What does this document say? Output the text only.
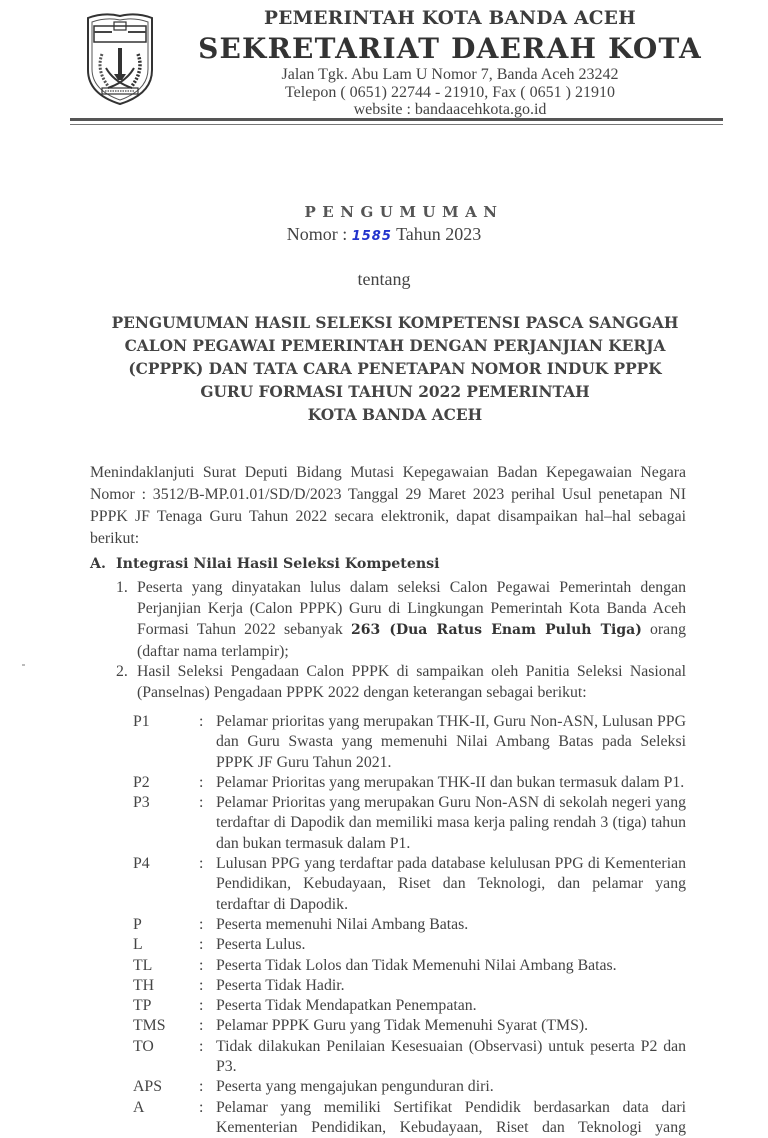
PEMERINTAH KOTA BANDA ACEH
SEKRETARIAT DAERAH KOTA
Jalan Tgk. Abu Lam U Nomor 7, Banda Aceh 23242
Telepon ( 0651) 22744 - 21910, Fax ( 0651 ) 21910
website : bandaacehkota.go.id
PENGUMUMAN
Nomor : 1585 Tahun 2023
tentang
PENGUMUMAN HASIL SELEKSI KOMPETENSI PASCA SANGGAH
CALON PEGAWAI PEMERINTAH DENGAN PERJANJIAN KERJA
(CPPPK) DAN TATA CARA PENETAPAN NOMOR INDUK PPPK
GURU FORMASI TAHUN 2022 PEMERINTAH
KOTA BANDA ACEH
Menindaklanjuti Surat Deputi Bidang Mutasi Kepegawaian Badan Kepegawaian Negara Nomor : 3512/B-MP.01.01/SD/D/2023 Tanggal 29 Maret 2023 perihal Usul penetapan NI PPPK JF Tenaga Guru Tahun 2022 secara elektronik, dapat disampaikan hal–hal sebagai berikut:
A. Integrasi Nilai Hasil Seleksi Kompetensi
1. Peserta yang dinyatakan lulus dalam seleksi Calon Pegawai Pemerintah dengan Perjanjian Kerja (Calon PPPK) Guru di Lingkungan Pemerintah Kota Banda Aceh Formasi Tahun 2022 sebanyak 263 (Dua Ratus Enam Puluh Tiga) orang (daftar nama terlampir);
2. Hasil Seleksi Pengadaan Calon PPPK di sampaikan oleh Panitia Seleksi Nasional (Panselnas) Pengadaan PPPK 2022 dengan keterangan sebagai berikut:
P1	: Pelamar prioritas yang merupakan THK-II, Guru Non-ASN, Lulusan PPG dan Guru Swasta yang memenuhi Nilai Ambang Batas pada Seleksi PPPK JF Guru Tahun 2021.
P2	: Pelamar Prioritas yang merupakan THK-II dan bukan termasuk dalam P1.
P3	: Pelamar Prioritas yang merupakan Guru Non-ASN di sekolah negeri yang terdaftar di Dapodik dan memiliki masa kerja paling rendah 3 (tiga) tahun dan bukan termasuk dalam P1.
P4	: Lulusan PPG yang terdaftar pada database kelulusan PPG di Kementerian Pendidikan, Kebudayaan, Riset dan Teknologi, dan pelamar yang terdaftar di Dapodik.
P	: Peserta memenuhi Nilai Ambang Batas.
L	: Peserta Lulus.
TL	: Peserta Tidak Lolos dan Tidak Memenuhi Nilai Ambang Batas.
TH	: Peserta Tidak Hadir.
TP	: Peserta Tidak Mendapatkan Penempatan.
TMS : Pelamar PPPK Guru yang Tidak Memenuhi Syarat (TMS).
TO	: Tidak dilakukan Penilaian Kesesuaian (Observasi) untuk peserta P2 dan P3.
APS : Peserta yang mengajukan pengunduran diri.
A	: Pelamar yang memiliki Sertifikat Pendidik berdasarkan data dari Kementerian Pendidikan, Kebudayaan, Riset dan Teknologi yang
